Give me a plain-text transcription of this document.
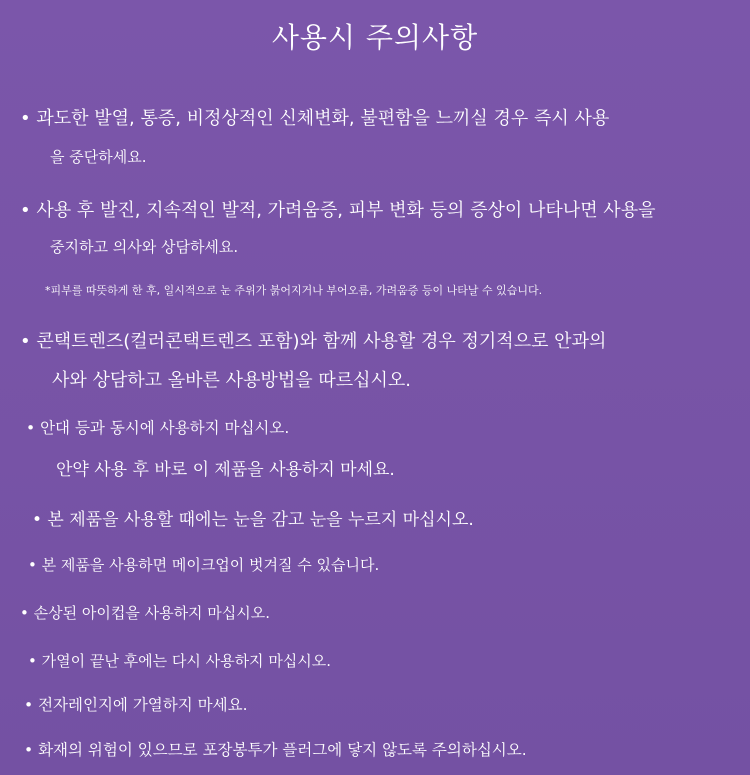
사용시 주의사항
• 과도한 발열, 통증, 비정상적인 신체변화, 불편함을 느끼실 경우 즉시 사용
을 중단하세요.
• 사용 후 발진, 지속적인 발적, 가려움증, 피부 변화 등의 증상이 나타나면 사용을
중지하고 의사와 상담하세요.
*피부를 따뜻하게 한 후, 일시적으로 눈 주위가 붉어지거나 부어오름, 가려움증 등이 나타날 수 있습니다.
• 콘택트렌즈(컬러콘택트렌즈 포함)와 함께 사용할 경우 정기적으로 안과의
사와 상담하고 올바른 사용방법을 따르십시오.
• 안대 등과 동시에 사용하지 마십시오.
안약 사용 후 바로 이 제품을 사용하지 마세요.
• 본 제품을 사용할 때에는 눈을 감고 눈을 누르지 마십시오.
• 본 제품을 사용하면 메이크업이 벗겨질 수 있습니다.
• 손상된 아이컵을 사용하지 마십시오.
• 가열이 끝난 후에는 다시 사용하지 마십시오.
• 전자레인지에 가열하지 마세요.
• 화재의 위험이 있으므로 포장봉투가 플러그에 닿지 않도록 주의하십시오.
